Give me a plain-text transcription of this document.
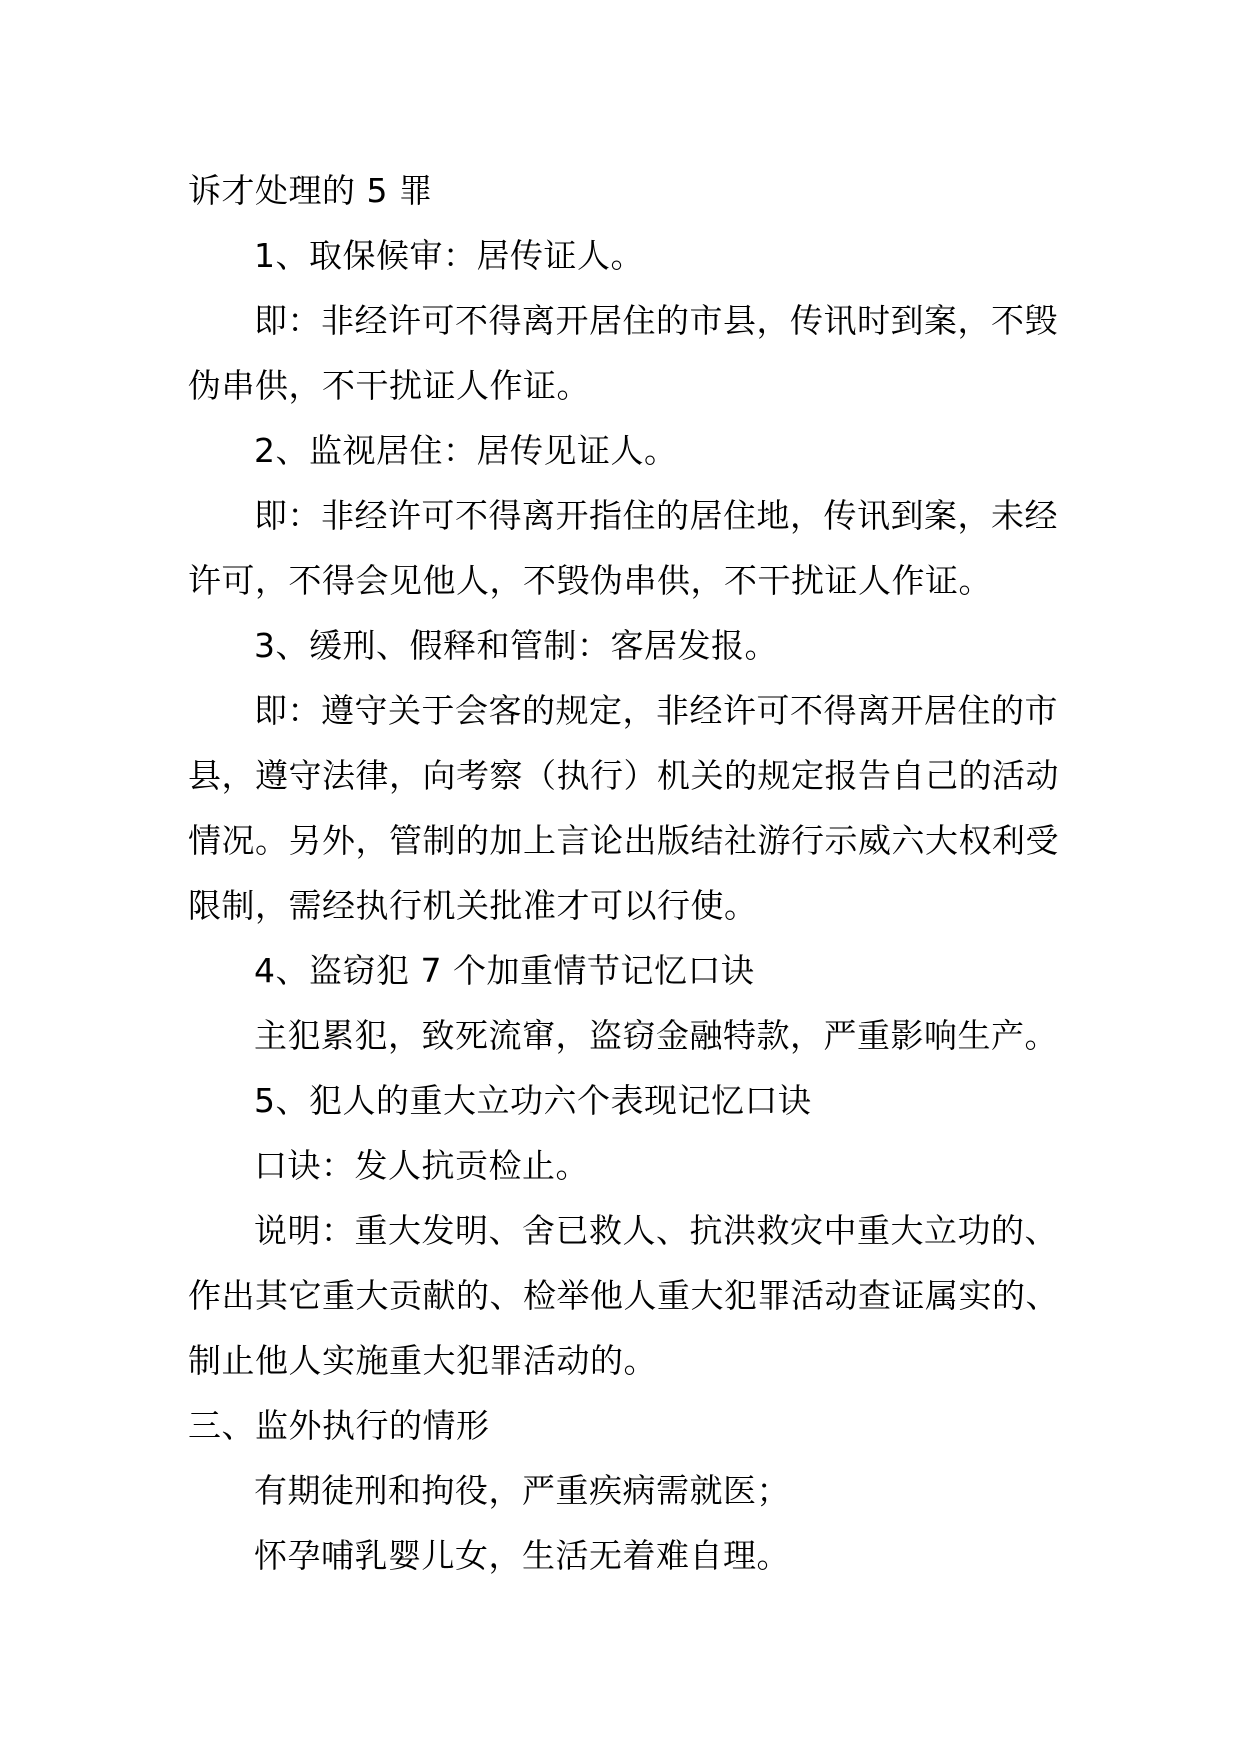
诉才处理的 5 罪
1、取保候审：居传证人。
即：非经许可不得离开居住的市县，传讯时到案，不毁
伪串供，不干扰证人作证。
2、监视居住：居传见证人。
即：非经许可不得离开指住的居住地，传讯到案，未经
许可，不得会见他人，不毁伪串供，不干扰证人作证。
3、缓刑、假释和管制：客居发报。
即：遵守关于会客的规定，非经许可不得离开居住的市
县，遵守法律，向考察（执行）机关的规定报告自己的活动
情况。另外，管制的加上言论出版结社游行示威六大权利受
限制，需经执行机关批准才可以行使。
4、盗窃犯 7 个加重情节记忆口诀
主犯累犯，致死流窜，盗窃金融特款，严重影响生产。
5、犯人的重大立功六个表现记忆口诀
口诀：发人抗贡检止。
说明：重大发明、舍已救人、抗洪救灾中重大立功的、
作出其它重大贡献的、检举他人重大犯罪活动查证属实的、
制止他人实施重大犯罪活动的。
三、监外执行的情形
有期徒刑和拘役，严重疾病需就医；
怀孕哺乳婴儿女，生活无着难自理。
